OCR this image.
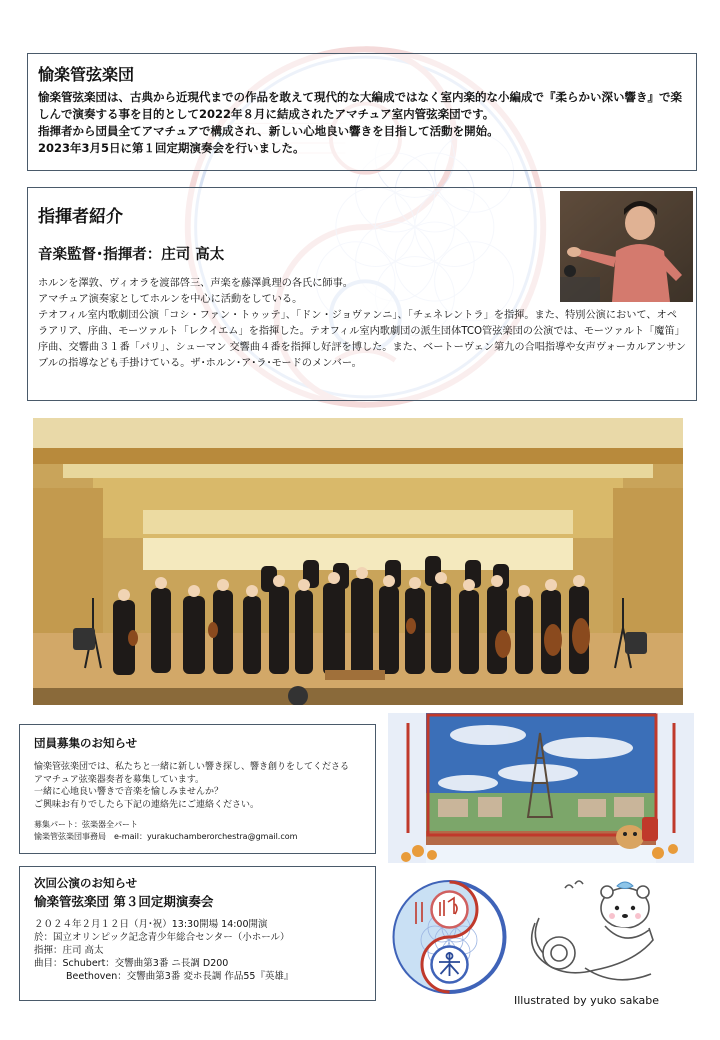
愉楽管弦楽団

愉楽管弦楽団は、古典から近現代までの作品を敢えて現代的な大編成ではなく室内楽的な小編成で『柔らかい深い響き』で楽しんで演奏する事を目的として2022年８月に結成されたアマチュア室内管弦楽団です。

指揮者から団員全てアマチュアで構成され、新しい心地良い響きを目指して活動を開始。

2023年3月5日に第１回定期演奏会を行いました。

指揮者紹介
音楽監督･指揮者：庄司 高太
ホルンを澤敦、ヴィオラを渡部啓三、声楽を藤澤眞理の各氏に師事。
アマチュア演奏家としてホルンを中心に活動をしている。
テオフィル室内歌劇団公演「コシ・ファン・トゥッテ」、「ドン・ジョヴァンニ」、「チェネレントラ」を指揮。また、特別公演において、オペラアリア、序曲、モーツァルト「レクイエム」を指揮した。テオフィル室内歌劇団の派生団体TCO管弦楽団の公演では、モーツァルト「魔笛」序曲、交響曲３１番「パリ」、シューマン 交響曲４番を指揮し好評を博した。また、ベートーヴェン第九の合唱指導や女声ヴォーカルアンサンブルの指導なども手掛けている。ザ･ホルン･ア･ラ･モードのメンバー。
団員募集のお知らせ
愉楽管弦楽団では、私たちと一緒に新しい響き探し、響き創りをしてくださる
アマチュア弦楽器奏者を募集しています。
一緒に心地良い響きで音楽を愉しみませんか？
ご興味お有りでしたら下記の連絡先にご連絡ください。
募集パート：弦楽器全パート
愉楽管弦楽団事務局　e-mail：yurakuchamberorchestra@gmail.com
次回公演のお知らせ
愉楽管弦楽団 第３回定期演奏会
２０２４年２月１２日（月･祝）13:30開場 14:00開演
於：国立オリンピック記念青少年総合センター（小ホール）
指揮：庄司 高太
曲目：Schubert：交響曲第3番 ニ長調 D200
Beethoven：交響曲第3番 変ホ長調 作品55『英雄』
Illustrated by yuko sakabe
